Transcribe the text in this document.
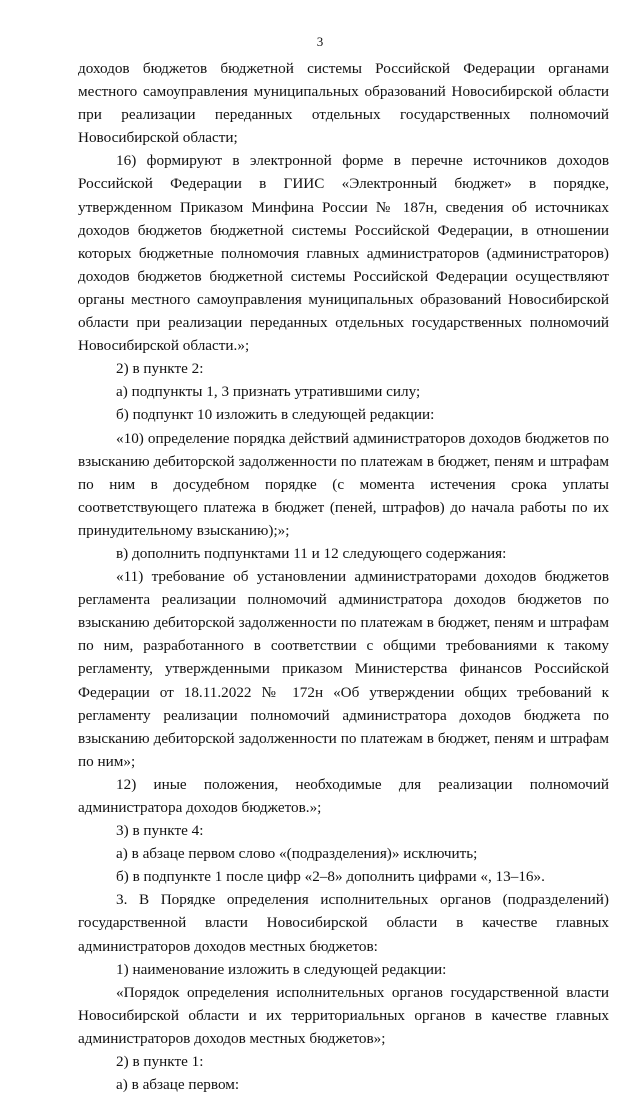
3

доходов бюджетов бюджетной системы Российской Федерации органами местного самоуправления муниципальных образований Новосибирской области при реализации переданных отдельных государственных полномочий Новосибирской области;

16) формируют в электронной форме в перечне источников доходов Российской Федерации в ГИИС «Электронный бюджет» в порядке, утвержденном Приказом Минфина России № 187н, сведения об источниках доходов бюджетов бюджетной системы Российской Федерации, в отношении которых бюджетные полномочия главных администраторов (администраторов) доходов бюджетов бюджетной системы Российской Федерации осуществляют органы местного самоуправления муниципальных образований Новосибирской области при реализации переданных отдельных государственных полномочий Новосибирской области.»;

2) в пункте 2:

а) подпункты 1, 3 признать утратившими силу;

б) подпункт 10 изложить в следующей редакции:

«10) определение порядка действий администраторов доходов бюджетов по взысканию дебиторской задолженности по платежам в бюджет, пеням и штрафам по ним в досудебном порядке (с момента истечения срока уплаты соответствующего платежа в бюджет (пеней, штрафов) до начала работы по их принудительному взысканию);»;

в) дополнить подпунктами 11 и 12 следующего содержания:

«11) требование об установлении администраторами доходов бюджетов регламента реализации полномочий администратора доходов бюджетов по взысканию дебиторской задолженности по платежам в бюджет, пеням и штрафам по ним, разработанного в соответствии с общими требованиями к такому регламенту, утвержденными приказом Министерства финансов Российской Федерации от 18.11.2022 № 172н «Об утверждении общих требований к регламенту реализации полномочий администратора доходов бюджета по взысканию дебиторской задолженности по платежам в бюджет, пеням и штрафам по ним»;

12) иные положения, необходимые для реализации полномочий администратора доходов бюджетов.»;

3) в пункте 4:

а) в абзаце первом слово «(подразделения)» исключить;

б) в подпункте 1 после цифр «2–8» дополнить цифрами «, 13–16».

3. В Порядке определения исполнительных органов (подразделений) государственной власти Новосибирской области в качестве главных администраторов доходов местных бюджетов:

1) наименование изложить в следующей редакции:

«Порядок определения исполнительных органов государственной власти Новосибирской области и их территориальных органов в качестве главных администраторов доходов местных бюджетов»;

2) в пункте 1:

а) в абзаце первом:
